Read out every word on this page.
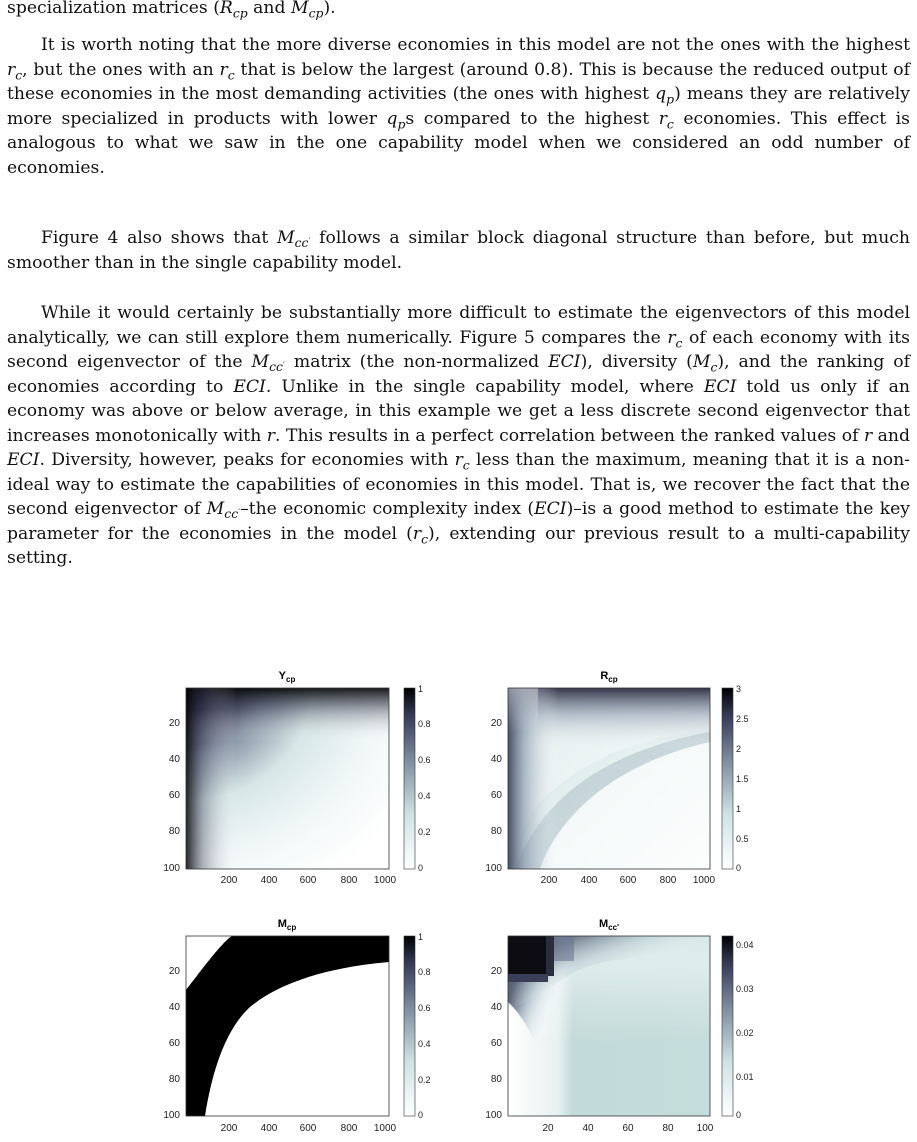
specialization matrices ($R_{cp}$ and $M_{cp}$).

It is worth noting that the more diverse economies in this model are not the ones with the highest $r_c$, but the ones with an $r_c$ that is below the largest (around 0.8). This is because the reduced output of these economies in the most demanding activities (the ones with highest $q_p$) means they are relatively more specialized in products with lower $q_ps$ compared to the highest $r_c$ economies. This effect is analogous to what we saw in the one capability model when we considered an odd number of economies.

Figure 4 also shows that $M_{cc'}$ follows a similar block diagonal structure than before, but much smoother than in the single capability model.

While it would certainly be substantially more difficult to estimate the eigenvectors of this model analytically, we can still explore them numerically. Figure 5 compares the $r_c$ of each economy with its second eigenvector of the $M_{cc'}$ matrix (the non-normalized ECI), diversity $(M_c)$, and the ranking of economies according to ECI. Unlike in the single capability model, where ECI told us only if an economy was above or below average, in this example we get a less discrete second eigenvector that increases monotonically with r. This results in a perfect correlation between the ranked values of r and ECI. Diversity, however, peaks for economies with $r_c$ less than the maximum, meaning that it is a non-ideal way to estimate the capabilities of economies in this model. That is, we recover the fact that the second eigenvector of $M_{cc'}$–the economic complexity index (ECI)–is a good method to estimate the key parameter for the economies in the model $(r_c)$, extending our previous result to a multi-capability setting.

$Y_{cp}$
20
40
60
80
100
200 400 600 800 1000
1
0.8
0.6
0.4
0.2
0
$R_{cp}$
20
40
60
80
100
200 400 600 800 1000
3
2.5
2
1.5
1
0.5
0
$M_{cp}$
20
40
60
80
100
200 400 600 800 1000
1
0.8
0.6
0.4
0.2
0
$M_{cc'}$
20
40
60
80
100
20	40	60	80 100
0.04
0.03
0.02
0.01
0
